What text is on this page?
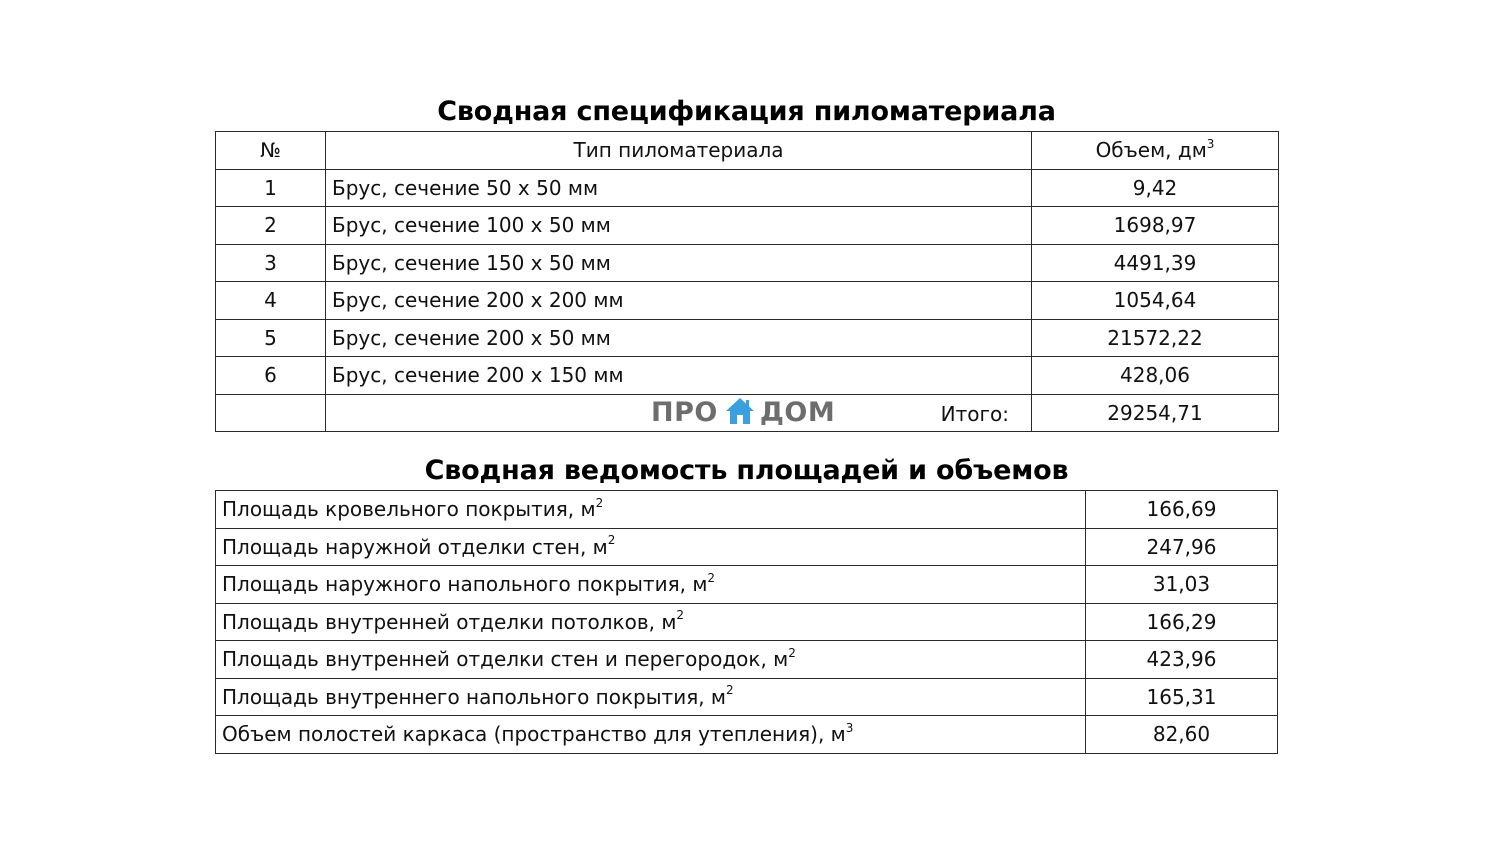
Сводная спецификация пиломатериала
№	Тип пиломатериала	Объем, $дм^3$
1	Брус, сечение 50 x 50 мм	9,42
2	Брус, сечение 100 x 50 мм	1698,97
3	Брус, сечение 150 x 50 мм	4491,39
4	Брус, сечение 200 x 200 мм	1054,64
5	Брус, сечение 200 x 50 мм	21572,22
6	Брус, сечение 200 x 150 мм	428,06

	ПРО ДОМ Итого:	29254,71
Сводная ведомость площадей и объемов
Площадь кровельного покрытия, $м^2$	166,69
Площадь наружной отделки стен, $м^2$	247,96
Площадь наружного напольного покрытия, $м^2$	31,03
Площадь внутренней отделки потолков, $м^2$	166,29
Площадь внутренней отделки стен и перегородок, $м^2$	423,96
Площадь внутреннего напольного покрытия, $м^2$	165,31
Объем полостей каркаса (пространство для утепления), $м^3$	82,60
